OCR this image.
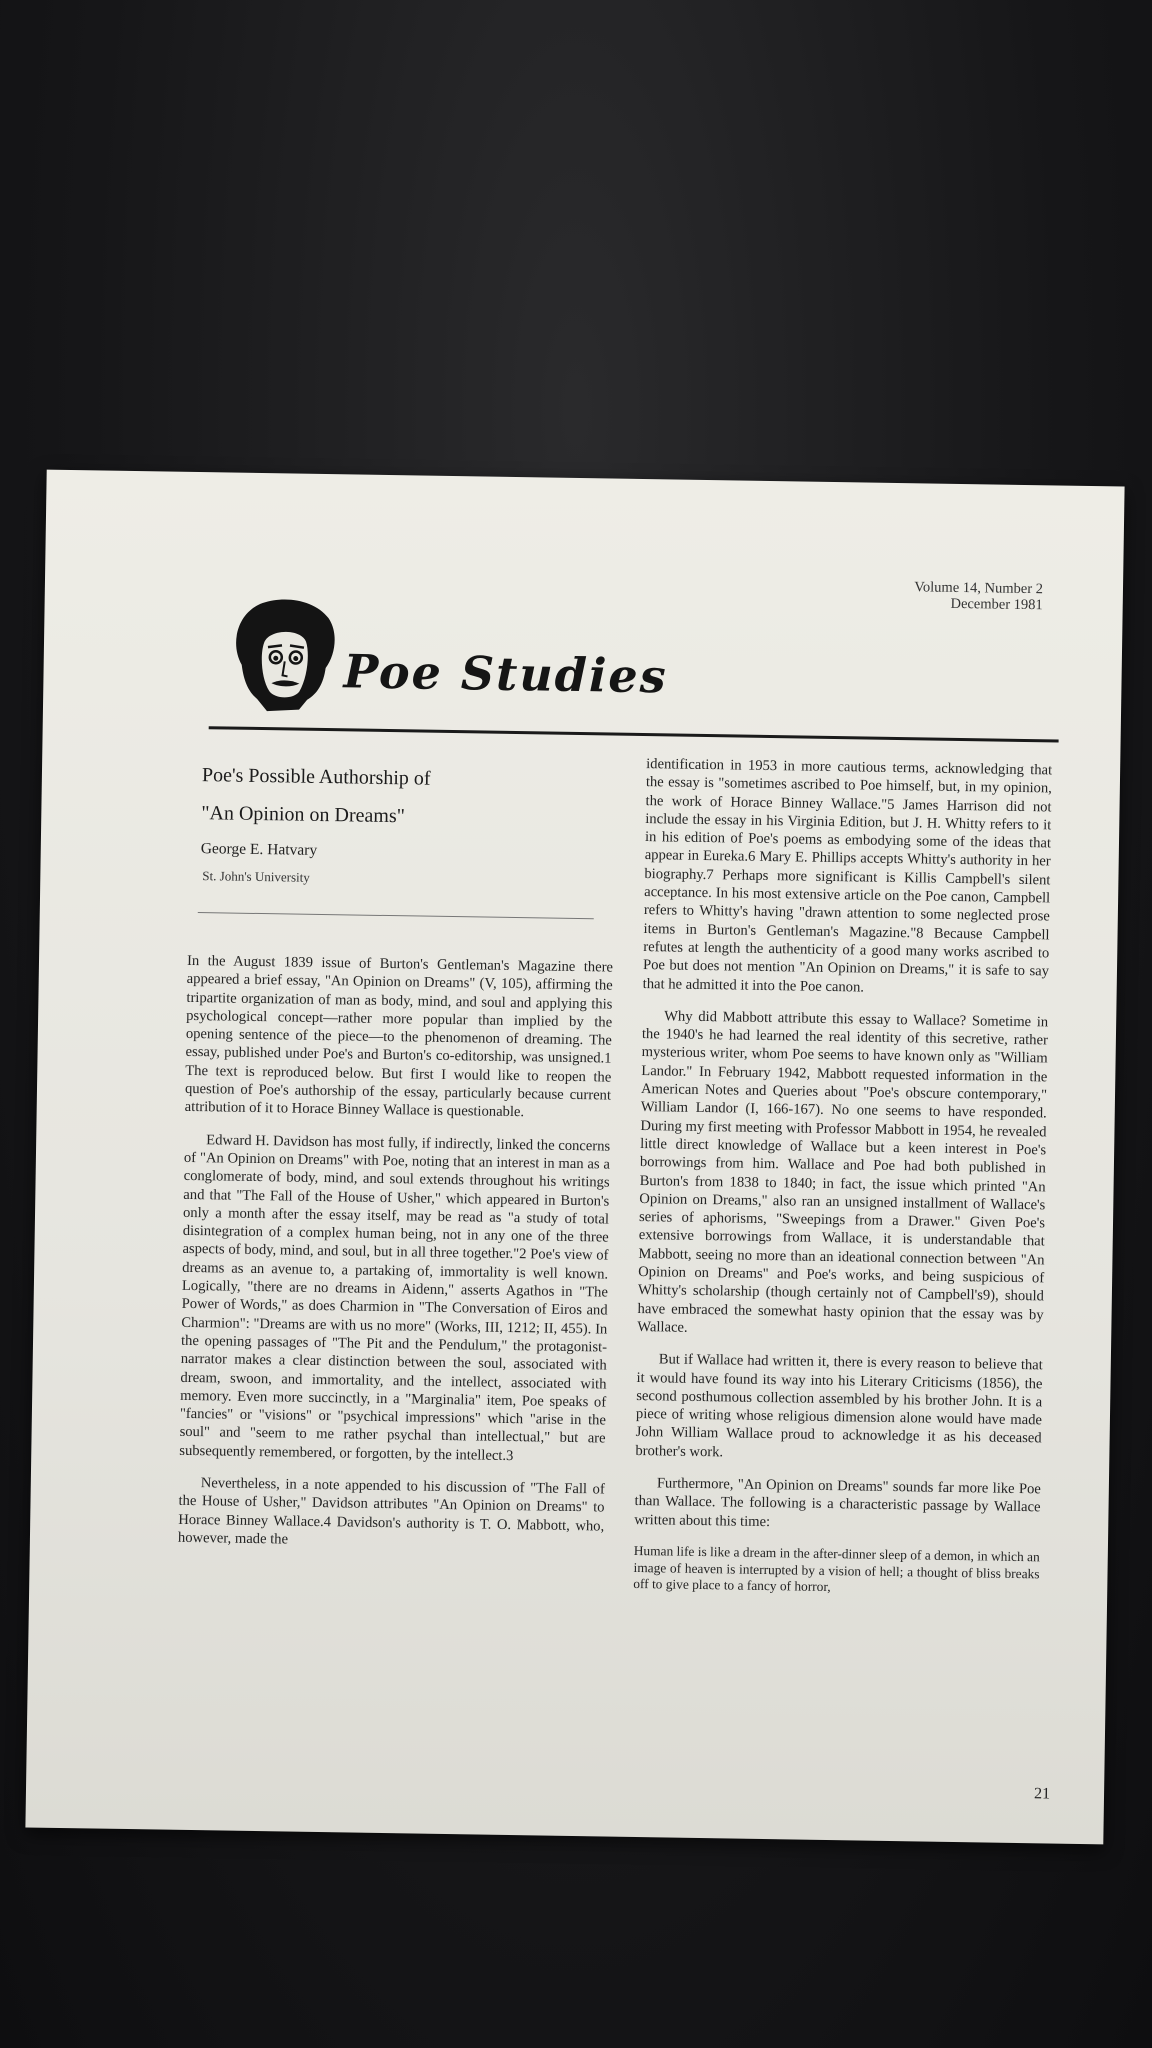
Volume 14, Number 2
December 1981
Poe Studies
Poe's Possible Authorship of
"An Opinion on Dreams"
George E. Hatvary
St. John's University

In the August 1839 issue of Burton's Gentleman's Magazine there appeared a brief essay, "An Opinion on Dreams" (V, 105), affirming the tripartite organization of man as body, mind, and soul and applying this psychological concept—rather more popular than implied by the opening sentence of the piece—to the phenomenon of dreaming. The essay, published under Poe's and Burton's co-editorship, was unsigned.1 The text is reproduced below. But first I would like to reopen the question of Poe's authorship of the essay, particularly because current attribution of it to Horace Binney Wallace is questionable.

Edward H. Davidson has most fully, if indirectly, linked the concerns of "An Opinion on Dreams" with Poe, noting that an interest in man as a conglomerate of body, mind, and soul extends throughout his writings and that "The Fall of the House of Usher," which appeared in Burton's only a month after the essay itself, may be read as "a study of total disintegration of a complex human being, not in any one of the three aspects of body, mind, and soul, but in all three together."2 Poe's view of dreams as an avenue to, a partaking of, immortality is well known. Logically, "there are no dreams in Aidenn," asserts Agathos in "The Power of Words," as does Charmion in "The Conversation of Eiros and Charmion": "Dreams are with us no more" (Works, III, 1212; II, 455). In the opening passages of "The Pit and the Pendulum," the protagonist-narrator makes a clear distinction between the soul, associated with dream, swoon, and immortality, and the intellect, associated with memory. Even more succinctly, in a "Marginalia" item, Poe speaks of "fancies" or "visions" or "psychical impressions" which "arise in the soul" and "seem to me rather psychal than intellectual," but are subsequently remembered, or forgotten, by the intellect.3

Nevertheless, in a note appended to his discussion of "The Fall of the House of Usher," Davidson attributes "An Opinion on Dreams" to Horace Binney Wallace.4 Davidson's authority is T. O. Mabbott, who, however, made the

identification in 1953 in more cautious terms, acknowledging that the essay is "sometimes ascribed to Poe himself, but, in my opinion, the work of Horace Binney Wallace."5 James Harrison did not include the essay in his Virginia Edition, but J. H. Whitty refers to it in his edition of Poe's poems as embodying some of the ideas that appear in Eureka.6 Mary E. Phillips accepts Whitty's authority in her biography.7 Perhaps more significant is Killis Campbell's silent acceptance. In his most extensive article on the Poe canon, Campbell refers to Whitty's having "drawn attention to some neglected prose items in Burton's Gentleman's Magazine."8 Because Campbell refutes at length the authenticity of a good many works ascribed to Poe but does not mention "An Opinion on Dreams," it is safe to say that he admitted it into the Poe canon.

Why did Mabbott attribute this essay to Wallace? Sometime in the 1940's he had learned the real identity of this secretive, rather mysterious writer, whom Poe seems to have known only as "William Landor." In February 1942, Mabbott requested information in the American Notes and Queries about "Poe's obscure contemporary," William Landor (I, 166-167). No one seems to have responded. During my first meeting with Professor Mabbott in 1954, he revealed little direct knowledge of Wallace but a keen interest in Poe's borrowings from him. Wallace and Poe had both published in Burton's from 1838 to 1840; in fact, the issue which printed "An Opinion on Dreams," also ran an unsigned installment of Wallace's series of aphorisms, "Sweepings from a Drawer." Given Poe's extensive borrowings from Wallace, it is understandable that Mabbott, seeing no more than an ideational connection between "An Opinion on Dreams" and Poe's works, and being suspicious of Whitty's scholarship (though certainly not of Campbell's9), should have embraced the somewhat hasty opinion that the essay was by Wallace.

But if Wallace had written it, there is every reason to believe that it would have found its way into his Literary Criticisms (1856), the second posthumous collection assembled by his brother John. It is a piece of writing whose religious dimension alone would have made John William Wallace proud to acknowledge it as his deceased brother's work.

Furthermore, "An Opinion on Dreams" sounds far more like Poe than Wallace. The following is a characteristic passage by Wallace written about this time:

Human life is like a dream in the after-dinner sleep of a demon, in which an image of heaven is interrupted by a vision of hell; a thought of bliss breaks off to give place to a fancy of horror,

21
